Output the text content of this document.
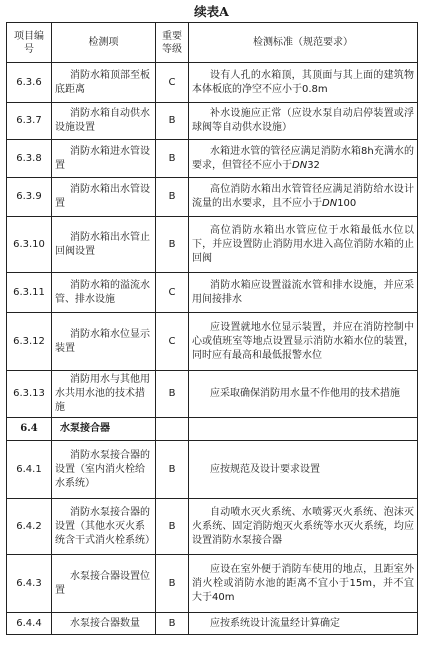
续表A
项目编号	检测项	重要等级	检测标准（规范要求）
6.3.6	消防水箱顶部至板底距离	C	设有人孔的水箱顶，其顶面与其上面的建筑物本体板底的净空不应小于0.8m
6.3.7	消防水箱自动供水设施设置	B	补水设施应正常（应设水泵自动启停装置或浮球阀等自动供水设施）
6.3.8	消防水箱进水管设置	B	水箱进水管的管径应满足消防水箱8h充满水的要求，但管径不应小于DN32
6.3.9	消防水箱出水管设置	B	高位消防水箱出水管管径应满足消防给水设计流量的出水要求，且不应小于DN100
6.3.10	消防水箱出水管止回阀设置	B	高位消防水箱出水管应位于水箱最低水位以下，并应设置防止消防用水进入高位消防水箱的止回阀
6.3.11	消防水箱的溢流水管、排水设施	C	消防水箱应设置溢流水管和排水设施，并应采用间接排水
6.3.12	消防水箱水位显示装置	C	应设置就地水位显示装置，并应在消防控制中心或值班室等地点设置显示消防水箱水位的装置，同时应有最高和最低报警水位
6.3.13	消防用水与其他用水共用水池的技术措施	B	应采取确保消防用水量不作他用的技术措施
6.4	水泵接合器		
6.4.1	消防水泵接合器的设置（室内消火栓给水系统）	B	应按规范及设计要求设置
6.4.2	消防水泵接合器的设置（其他水灭火系统含干式消火栓系统）	B	自动喷水灭火系统、水喷雾灭火系统、泡沫灭火系统、固定消防炮灭火系统等水灭火系统，均应设置消防水泵接合器
6.4.3	水泵接合器设置位置	B	应设在室外便于消防车使用的地点，且距室外消火栓或消防水池的距离不宜小于15m，并不宜大于40m
6.4.4	水泵接合器数量	B	应按系统设计流量经计算确定
